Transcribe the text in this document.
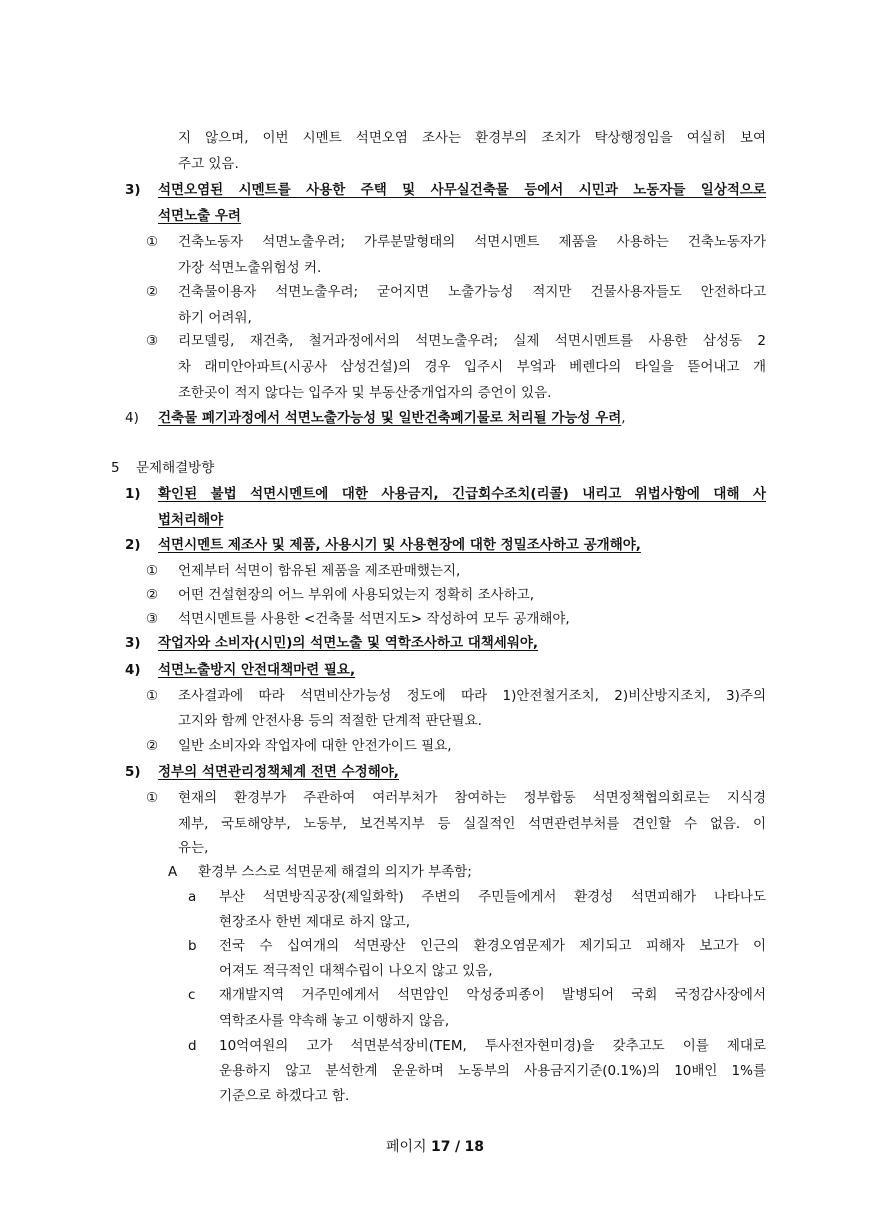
지 않으며, 이번 시멘트 석면오염 조사는 환경부의 조치가 탁상행정임을 여실히 보여
주고 있음.
3) 석면오염된 시멘트를 사용한 주택 및 사무실건축물 등에서 시민과 노동자들 일상적으로
석면노출 우려
① 건축노동자 석면노출우려; 가루분말형태의 석면시멘트 제품을 사용하는 건축노동자가
가장 석면노출위험성 커.
② 건축물이용자 석면노출우려; 굳어지면 노출가능성 적지만 건물사용자들도 안전하다고
하기 어려워,
③ 리모델링, 재건축, 철거과정에서의 석면노출우려; 실제 석면시멘트를 사용한 삼성동 2
차 래미안아파트(시공사 삼성건설)의 경우 입주시 부엌과 베렌다의 타일을 뜯어내고 개
조한곳이 적지 않다는 입주자 및 부동산중개업자의 증언이 있음.
4) 건축물 폐기과정에서 석면노출가능성 및 일반건축폐기물로 처리될 가능성 우려,
5 문제해결방향
1) 확인된 불법 석면시멘트에 대한 사용금지, 긴급회수조치(리콜) 내리고 위법사항에 대해 사
법처리해야
2) 석면시멘트 제조사 및 제품, 사용시기 및 사용현장에 대한 정밀조사하고 공개해야,
① 언제부터 석면이 함유된 제품을 제조판매했는지,
② 어떤 건설현장의 어느 부위에 사용되었는지 정확히 조사하고,
③ 석면시멘트를 사용한 <건축물 석면지도> 작성하여 모두 공개해야,
3) 작업자와 소비자(시민)의 석면노출 및 역학조사하고 대책세워야,
4) 석면노출방지 안전대책마련 필요,
① 조사결과에 따라 석면비산가능성 정도에 따라 1)안전철거조치, 2)비산방지조치, 3)주의
고지와 함께 안전사용 등의 적절한 단계적 판단필요.
② 일반 소비자와 작업자에 대한 안전가이드 필요,
5) 정부의 석면관리정책체계 전면 수정해야,
① 현재의 환경부가 주관하여 여러부처가 참여하는 정부합동 석면정책협의회로는 지식경
제부, 국토해양부, 노동부, 보건복지부 등 실질적인 석면관련부처를 견인할 수 없음. 이
유는,
A 환경부 스스로 석면문제 해결의 의지가 부족함;
a 부산 석면방직공장(제일화학) 주변의 주민들에게서 환경성 석면피해가 나타나도
현장조사 한번 제대로 하지 않고,
b 전국 수 십여개의 석면광산 인근의 환경오염문제가 제기되고 피해자 보고가 이
어져도 적극적인 대책수립이 나오지 않고 있음,
c 재개발지역 거주민에게서 석면암인 악성중피종이 발병되어 국회 국정감사장에서
역학조사를 약속해 놓고 이행하지 않음,
d 10억여원의 고가 석면분석장비(TEM, 투사전자현미경)을 갖추고도 이를 제대로
운용하지 않고 분석한계 운운하며 노동부의 사용금지기준(0.1%)의 10배인 1%를
기준으로 하겠다고 함.
페이지 17 / 18
